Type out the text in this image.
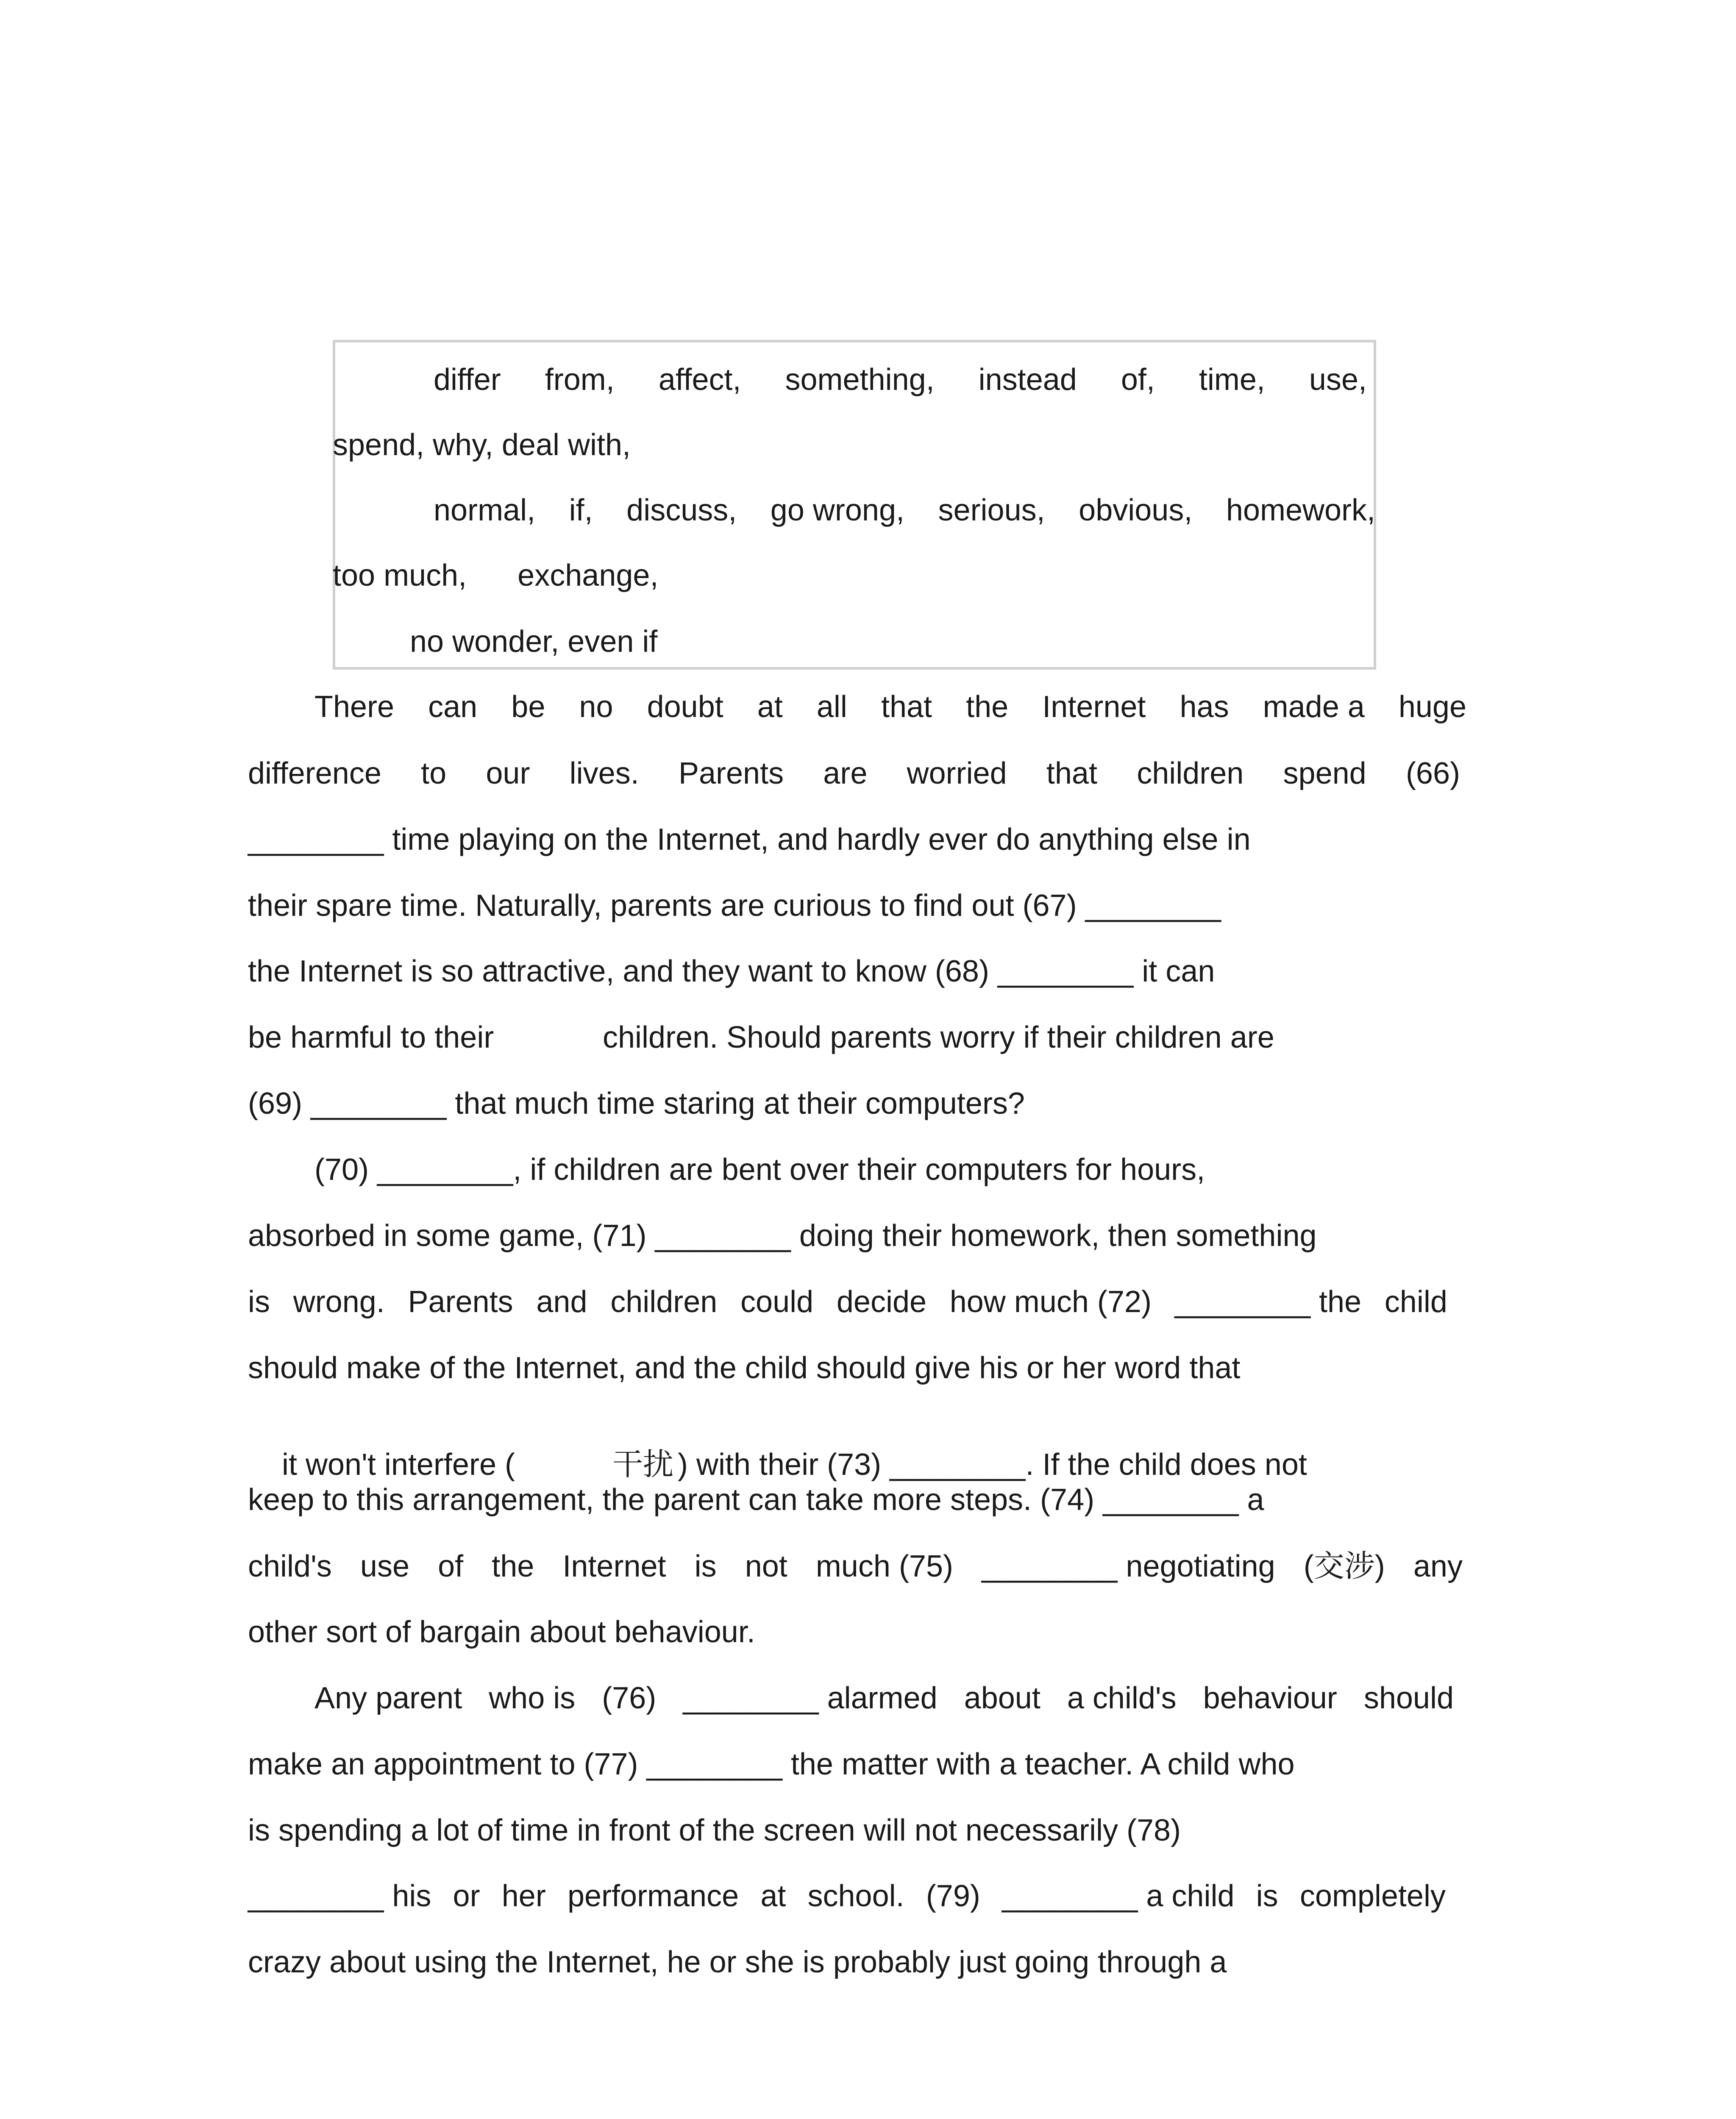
differ from, affect, something, instead of, time, use,
spend, why, deal with,
normal, if, discuss, go wrong, serious, obvious, homework,
too much,      exchange,
no wonder, even if
There can be no doubt at all that the Internet has made a huge
difference to our lives. Parents are worried that children spend (66)
________ time playing on the Internet, and hardly ever do anything else in
their spare time. Naturally, parents are curious to find out (67) ________
the Internet is so attractive, and they want to know (68) ________ it can
be harmful to their	children. Should parents worry if their children are
(69) ________ that much time staring at their computers?
(70) ________, if children are bent over their computers for hours,
absorbed in some game, (71) ________ doing their homework, then something
is wrong. Parents and children could decide how much (72) ________ the child
should make of the Internet, and the child should give his or her word that

it won't interfere (	干扰 ) with their (73) ________. If the child does not

keep to this arrangement, the parent can take more steps. (74) ________ a
child's use of the Internet is not much (75) ________ negotiating (交涉) any
other sort of bargain about behaviour.
Any parent who is (76) ________ alarmed about a child's behaviour should
make an appointment to (77) ________ the matter with a teacher. A child who
is spending a lot of time in front of the screen will not necessarily (78)
________ his or her performance at school. (79) ________ a child is completely
crazy about using the Internet, he or she is probably just going through a
